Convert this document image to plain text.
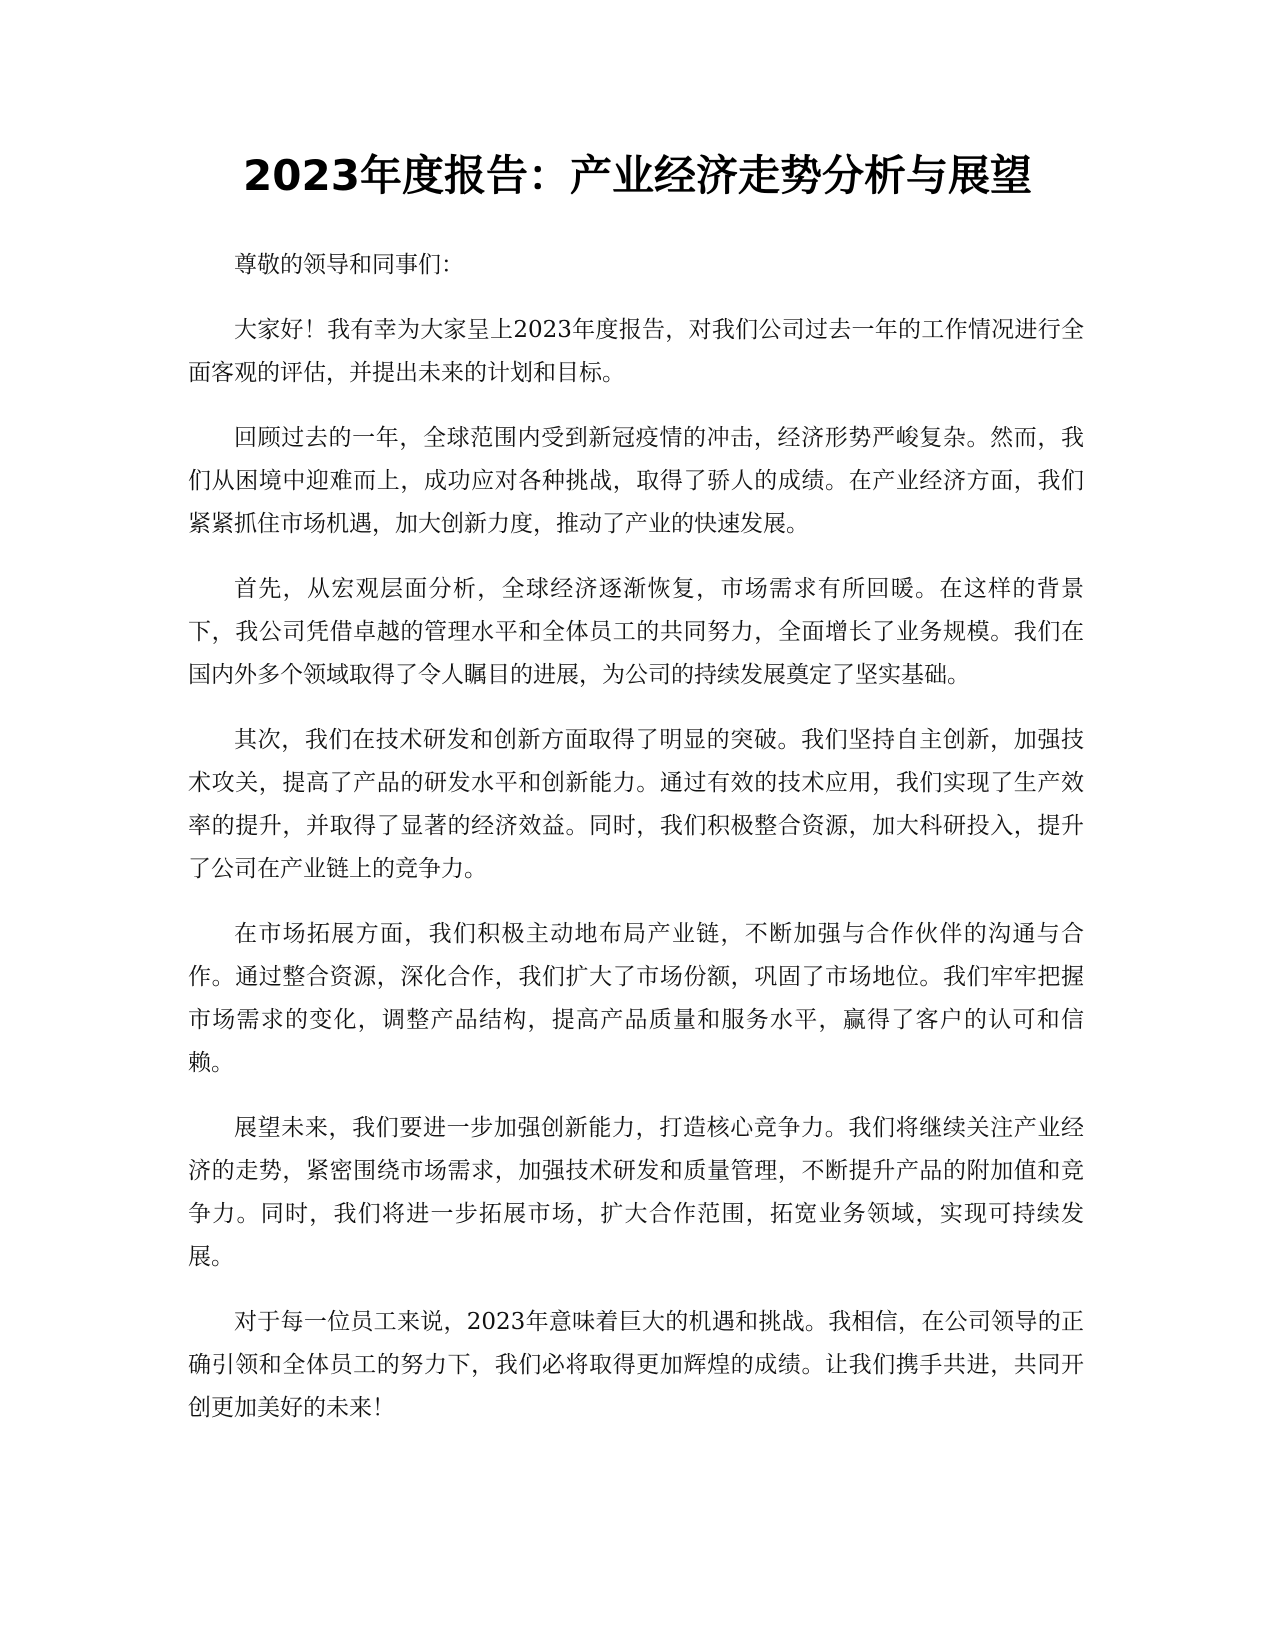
2023年度报告：产业经济走势分析与展望

尊敬的领导和同事们：

大家好！我有幸为大家呈上2023年度报告，对我们公司过去一年的工作情况进行全面客观的评估，并提出未来的计划和目标。

回顾过去的一年，全球范围内受到新冠疫情的冲击，经济形势严峻复杂。然而，我们从困境中迎难而上，成功应对各种挑战，取得了骄人的成绩。在产业经济方面，我们紧紧抓住市场机遇，加大创新力度，推动了产业的快速发展。

首先，从宏观层面分析，全球经济逐渐恢复，市场需求有所回暖。在这样的背景下，我公司凭借卓越的管理水平和全体员工的共同努力，全面增长了业务规模。我们在国内外多个领域取得了令人瞩目的进展，为公司的持续发展奠定了坚实基础。

其次，我们在技术研发和创新方面取得了明显的突破。我们坚持自主创新，加强技术攻关，提高了产品的研发水平和创新能力。通过有效的技术应用，我们实现了生产效率的提升，并取得了显著的经济效益。同时，我们积极整合资源，加大科研投入，提升了公司在产业链上的竞争力。

在市场拓展方面，我们积极主动地布局产业链，不断加强与合作伙伴的沟通与合作。通过整合资源，深化合作，我们扩大了市场份额，巩固了市场地位。我们牢牢把握市场需求的变化，调整产品结构，提高产品质量和服务水平，赢得了客户的认可和信赖。

展望未来，我们要进一步加强创新能力，打造核心竞争力。我们将继续关注产业经济的走势，紧密围绕市场需求，加强技术研发和质量管理，不断提升产品的附加值和竞争力。同时，我们将进一步拓展市场，扩大合作范围，拓宽业务领域，实现可持续发展。

对于每一位员工来说，2023年意味着巨大的机遇和挑战。我相信，在公司领导的正确引领和全体员工的努力下，我们必将取得更加辉煌的成绩。让我们携手共进，共同开创更加美好的未来！
